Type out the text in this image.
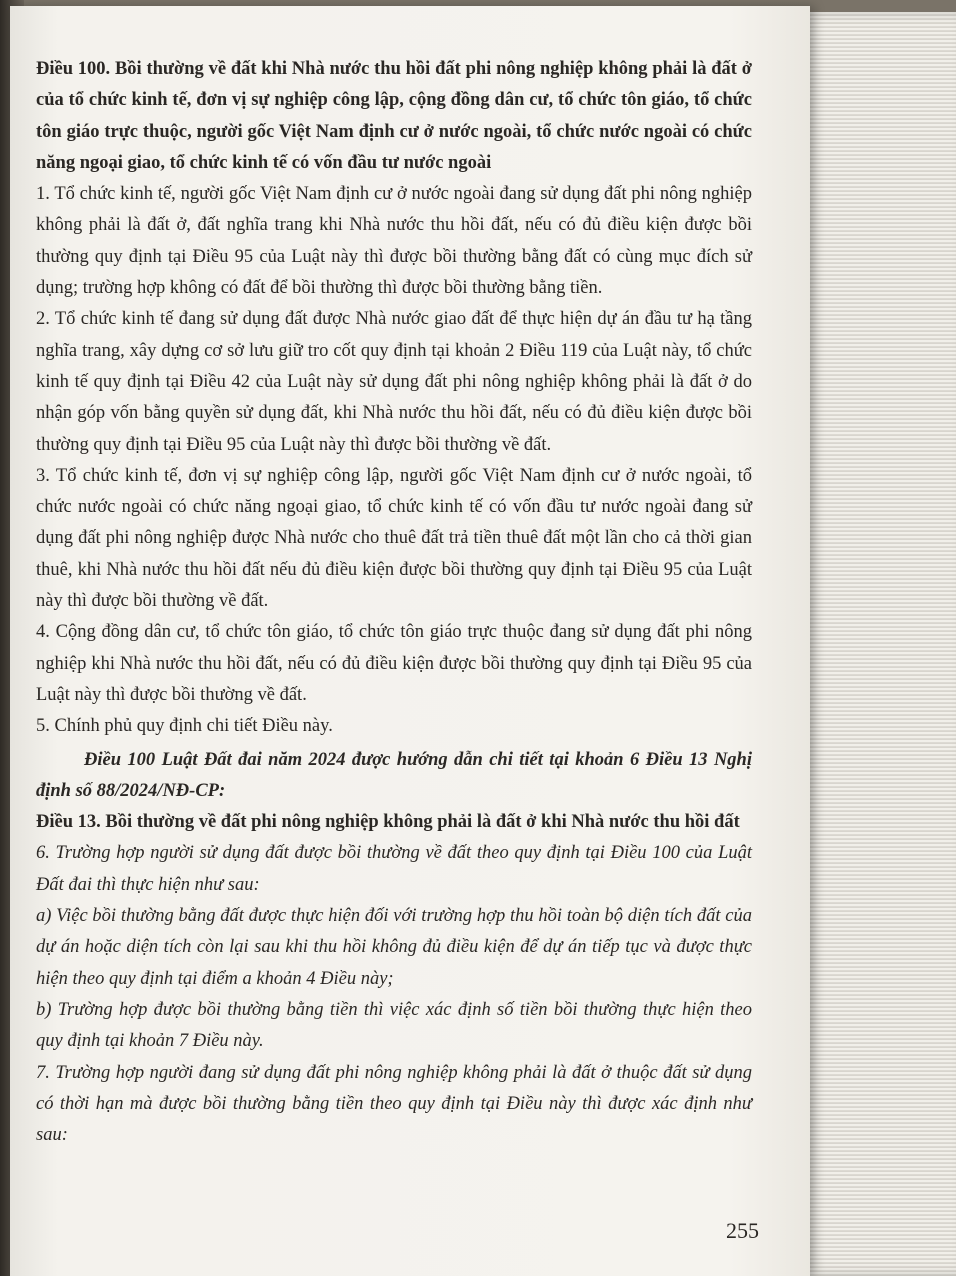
Điều 100. Bồi thường về đất khi Nhà nước thu hồi đất phi nông nghiệp không phải là đất ở của tổ chức kinh tế, đơn vị sự nghiệp công lập, cộng đồng dân cư, tổ chức tôn giáo, tổ chức tôn giáo trực thuộc, người gốc Việt Nam định cư ở nước ngoài, tổ chức nước ngoài có chức năng ngoại giao, tổ chức kinh tế có vốn đầu tư nước ngoài

1. Tổ chức kinh tế, người gốc Việt Nam định cư ở nước ngoài đang sử dụng đất phi nông nghiệp không phải là đất ở, đất nghĩa trang khi Nhà nước thu hồi đất, nếu có đủ điều kiện được bồi thường quy định tại Điều 95 của Luật này thì được bồi thường bằng đất có cùng mục đích sử dụng; trường hợp không có đất để bồi thường thì được bồi thường bằng tiền.

2. Tổ chức kinh tế đang sử dụng đất được Nhà nước giao đất để thực hiện dự án đầu tư hạ tầng nghĩa trang, xây dựng cơ sở lưu giữ tro cốt quy định tại khoản 2 Điều 119 của Luật này, tổ chức kinh tế quy định tại Điều 42 của Luật này sử dụng đất phi nông nghiệp không phải là đất ở do nhận góp vốn bằng quyền sử dụng đất, khi Nhà nước thu hồi đất, nếu có đủ điều kiện được bồi thường quy định tại Điều 95 của Luật này thì được bồi thường về đất.

3. Tổ chức kinh tế, đơn vị sự nghiệp công lập, người gốc Việt Nam định cư ở nước ngoài, tổ chức nước ngoài có chức năng ngoại giao, tổ chức kinh tế có vốn đầu tư nước ngoài đang sử dụng đất phi nông nghiệp được Nhà nước cho thuê đất trả tiền thuê đất một lần cho cả thời gian thuê, khi Nhà nước thu hồi đất nếu đủ điều kiện được bồi thường quy định tại Điều 95 của Luật này thì được bồi thường về đất.

4. Cộng đồng dân cư, tổ chức tôn giáo, tổ chức tôn giáo trực thuộc đang sử dụng đất phi nông nghiệp khi Nhà nước thu hồi đất, nếu có đủ điều kiện được bồi thường quy định tại Điều 95 của Luật này thì được bồi thường về đất.

5. Chính phủ quy định chi tiết Điều này.

Điều 100 Luật Đất đai năm 2024 được hướng dẫn chi tiết tại khoản 6 Điều 13 Nghị định số 88/2024/NĐ-CP:

Điều 13. Bồi thường về đất phi nông nghiệp không phải là đất ở khi Nhà nước thu hồi đất

6. Trường hợp người sử dụng đất được bồi thường về đất theo quy định tại Điều 100 của Luật Đất đai thì thực hiện như sau:

a) Việc bồi thường bằng đất được thực hiện đối với trường hợp thu hồi toàn bộ diện tích đất của dự án hoặc diện tích còn lại sau khi thu hồi không đủ điều kiện để dự án tiếp tục và được thực hiện theo quy định tại điểm a khoản 4 Điều này;

b) Trường hợp được bồi thường bằng tiền thì việc xác định số tiền bồi thường thực hiện theo quy định tại khoản 7 Điều này.

7. Trường hợp người đang sử dụng đất phi nông nghiệp không phải là đất ở thuộc đất sử dụng có thời hạn mà được bồi thường bằng tiền theo quy định tại Điều này thì được xác định như sau:

255
